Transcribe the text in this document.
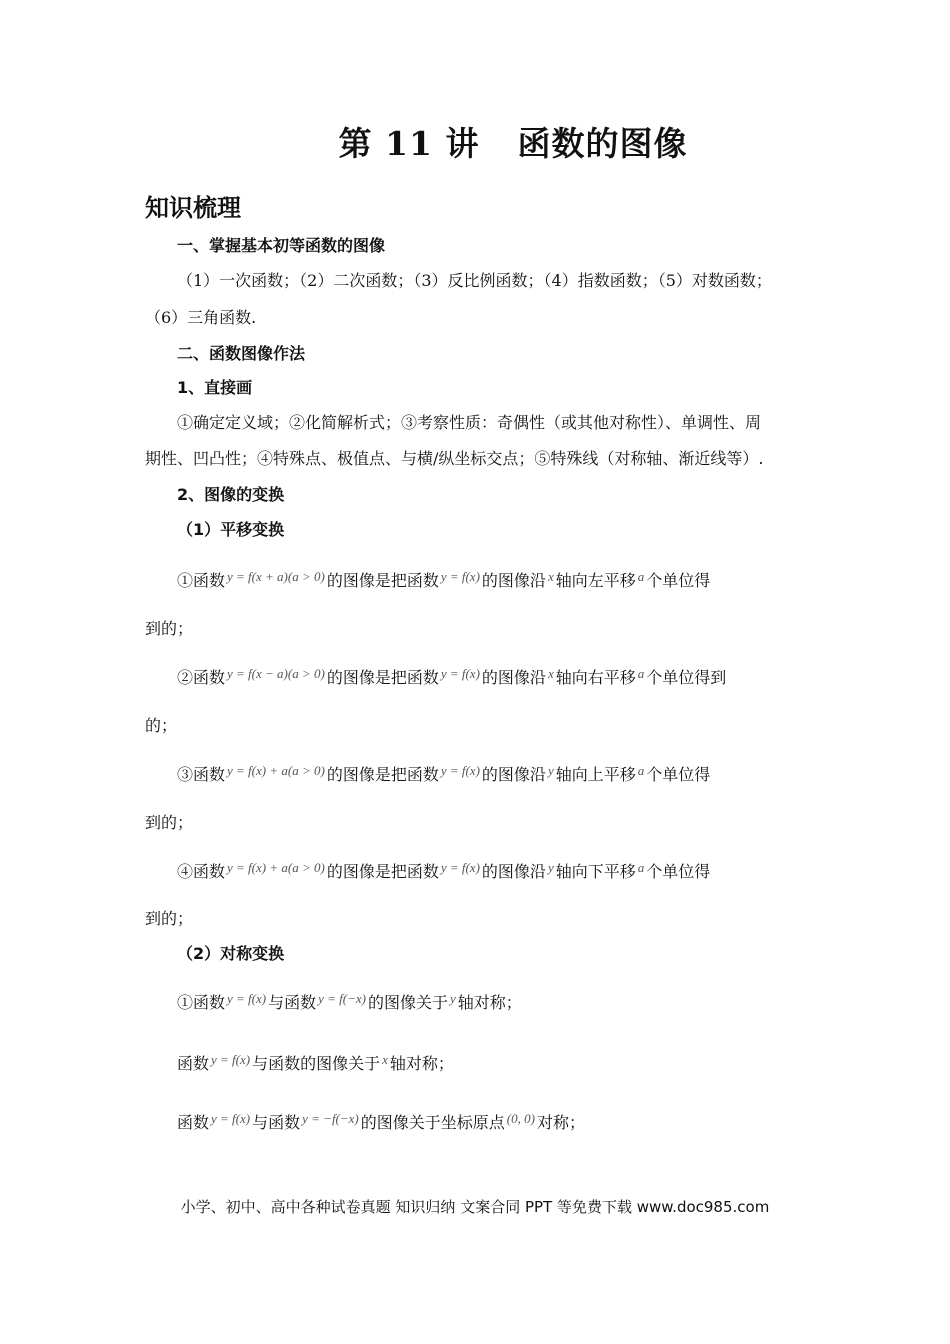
第 11 讲 函数的图像
知识梳理
一、掌握基本初等函数的图像
（1）一次函数；（2）二次函数；（3）反比例函数；（4）指数函数；（5）对数函数；
（6）三角函数.
二、函数图像作法
1、直接画
①确定定义域；②化简解析式；③考察性质：奇偶性（或其他对称性）、单调性、周
期性、凹凸性；④特殊点、极值点、与横/纵坐标交点；⑤特殊线（对称轴、渐近线等）.
2、图像的变换
（1）平移变换
①函数 $^{y = f(x + a)(a > 0)}$ 的图像是把函数 $^{y = f(x)}$ 的图像沿 $^x$ 轴向左平移 $^a$ 个单位得
到的；
②函数 $^{y = f(x - a)(a > 0)}$ 的图像是把函数 $^{y = f(x)}$ 的图像沿 $^x$ 轴向右平移 $^a$ 个单位得到
的；
③函数 $^{y = f(x) + a(a > 0)}$ 的图像是把函数 $^{y = f(x)}$ 的图像沿 $^y$ 轴向上平移 $^a$ 个单位得
到的；
④函数 $^{y = f(x) + a(a > 0)}$ 的图像是把函数 $^{y = f(x)}$ 的图像沿 $^y$ 轴向下平移 $^a$ 个单位得
到的；
（2）对称变换
①函数 $^{y = f(x)}$ 与函数 $^{y = f(-x)}$ 的图像关于 $^y$ 轴对称；
函数 $^{y = f(x)}$ 与函数的图像关于 $^x$ 轴对称；
函数 $^{y = f(x)}$ 与函数 $^{y = -f(-x)}$ 的图像关于坐标原点 $^{(0, 0)}$ 对称；
小学、初中、高中各种试卷真题 知识归纳 文案合同 PPT 等免费下载 www.doc985.com
